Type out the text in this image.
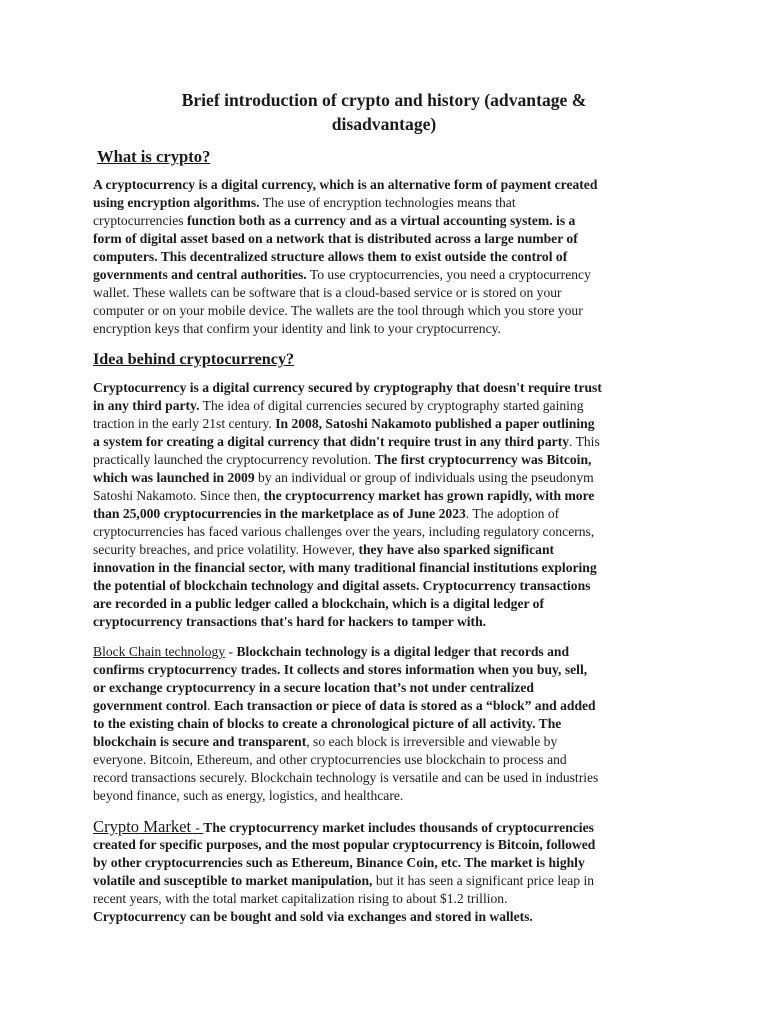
Brief introduction of crypto and history (advantage &
disadvantage)
What is crypto?
A cryptocurrency is a digital currency, which is an alternative form of payment created
using encryption algorithms. The use of encryption technologies means that
cryptocurrencies function both as a currency and as a virtual accounting system. is a
form of digital asset based on a network that is distributed across a large number of
computers. This decentralized structure allows them to exist outside the control of
governments and central authorities. To use cryptocurrencies, you need a cryptocurrency
wallet. These wallets can be software that is a cloud-based service or is stored on your
computer or on your mobile device. The wallets are the tool through which you store your
encryption keys that confirm your identity and link to your cryptocurrency.
Idea behind cryptocurrency?
Cryptocurrency is a digital currency secured by cryptography that doesn't require trust
in any third party. The idea of digital currencies secured by cryptography started gaining
traction in the early 21st century. In 2008, Satoshi Nakamoto published a paper outlining
a system for creating a digital currency that didn't require trust in any third party. This
practically launched the cryptocurrency revolution. The first cryptocurrency was Bitcoin,
which was launched in 2009 by an individual or group of individuals using the pseudonym
Satoshi Nakamoto. Since then, the cryptocurrency market has grown rapidly, with more
than 25,000 cryptocurrencies in the marketplace as of June 2023. The adoption of
cryptocurrencies has faced various challenges over the years, including regulatory concerns,
security breaches, and price volatility. However, they have also sparked significant
innovation in the financial sector, with many traditional financial institutions exploring
the potential of blockchain technology and digital assets. Cryptocurrency transactions
are recorded in a public ledger called a blockchain, which is a digital ledger of
cryptocurrency transactions that's hard for hackers to tamper with.
Block Chain technology - Blockchain technology is a digital ledger that records and
confirms cryptocurrency trades. It collects and stores information when you buy, sell,
or exchange cryptocurrency in a secure location that’s not under centralized
government control. Each transaction or piece of data is stored as a “block” and added
to the existing chain of blocks to create a chronological picture of all activity. The
blockchain is secure and transparent, so each block is irreversible and viewable by
everyone. Bitcoin, Ethereum, and other cryptocurrencies use blockchain to process and
record transactions securely. Blockchain technology is versatile and can be used in industries
beyond finance, such as energy, logistics, and healthcare.
Crypto Market - The cryptocurrency market includes thousands of cryptocurrencies
created for specific purposes, and the most popular cryptocurrency is Bitcoin, followed
by other cryptocurrencies such as Ethereum, Binance Coin, etc. The market is highly
volatile and susceptible to market manipulation, but it has seen a significant price leap in
recent years, with the total market capitalization rising to about $1.2 trillion.
Cryptocurrency can be bought and sold via exchanges and stored in wallets.
